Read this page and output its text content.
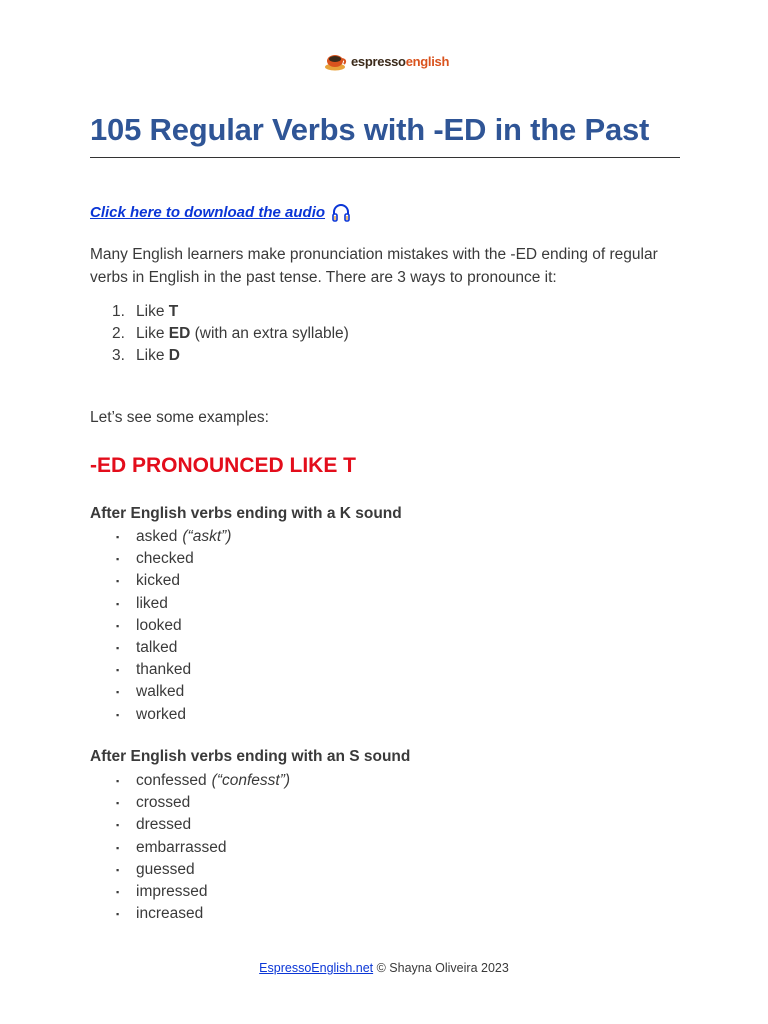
espressoenglish
105 Regular Verbs with -ED in the Past
Click here to download the audio

Many English learners make pronunciation mistakes with the -ED ending of regular verbs in English in the past tense. There are 3 ways to pronounce it:

1. Like T
2. Like ED (with an extra syllable)
3. Like D

Let’s see some examples:

-ED PRONOUNCED LIKE T

After English verbs ending with a K sound

▪	asked (“askt”)
▪	checked
▪	kicked
▪	liked
▪	looked
▪	talked
▪	thanked
▪	walked
▪	worked

After English verbs ending with an S sound

▪	confessed (“confesst”)
▪	crossed
▪	dressed
▪	embarrassed
▪	guessed
▪	impressed
▪	increased
EspressoEnglish.net © Shayna Oliveira 2023
